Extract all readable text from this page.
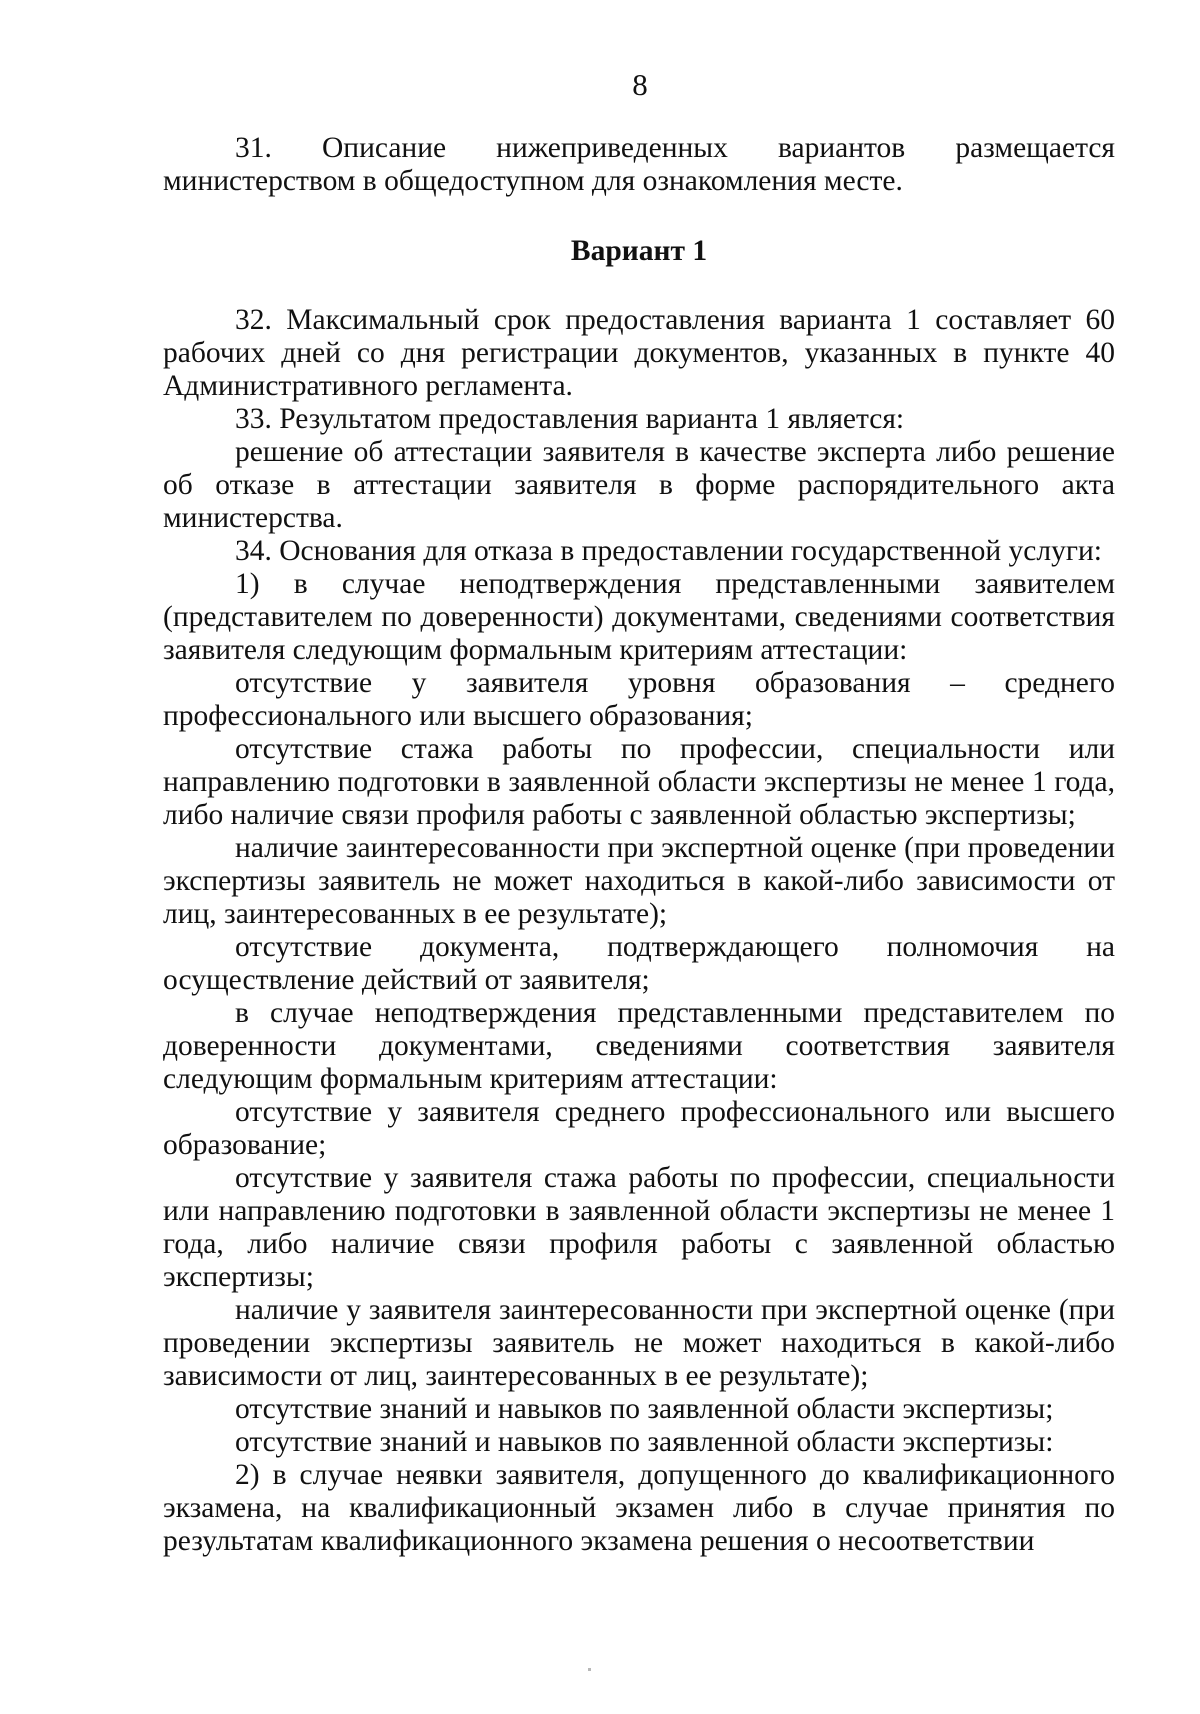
8

31. Описание нижеприведенных вариантов размещается министерством в общедоступном для ознакомления месте.

Вариант 1

32. Максимальный срок предоставления варианта 1 составляет 60 рабочих дней со дня регистрации документов, указанных в пункте 40 Административного регламента.

33. Результатом предоставления варианта 1 является:

решение об аттестации заявителя в качестве эксперта либо решение об отказе в аттестации заявителя в форме распорядительного акта министерства.

34. Основания для отказа в предоставлении государственной услуги:

1) в случае неподтверждения представленными заявителем (представителем по доверенности) документами, сведениями соответствия заявителя следующим формальным критериям аттестации:

отсутствие у заявителя уровня образования – среднего профессионального или высшего образования;

отсутствие стажа работы по профессии, специальности или направлению подготовки в заявленной области экспертизы не менее 1 года, либо наличие связи профиля работы с заявленной областью экспертизы;

наличие заинтересованности при экспертной оценке (при проведении экспертизы заявитель не может находиться в какой-либо зависимости от лиц, заинтересованных в ее результате);

отсутствие документа, подтверждающего полномочия на осуществление действий от заявителя;

в случае неподтверждения представленными представителем по доверенности документами, сведениями соответствия заявителя следующим формальным критериям аттестации:

отсутствие у заявителя среднего профессионального или высшего образование;

отсутствие у заявителя стажа работы по профессии, специальности или направлению подготовки в заявленной области экспертизы не менее 1 года, либо наличие связи профиля работы с заявленной областью экспертизы;

наличие у заявителя заинтересованности при экспертной оценке (при проведении экспертизы заявитель не может находиться в какой-либо зависимости от лиц, заинтересованных в ее результате);

отсутствие знаний и навыков по заявленной области экспертизы;

отсутствие знаний и навыков по заявленной области экспертизы:

2) в случае неявки заявителя, допущенного до квалификационного экзамена, на квалификационный экзамен либо в случае принятия по результатам квалификационного экзамена решения о несоответствии
